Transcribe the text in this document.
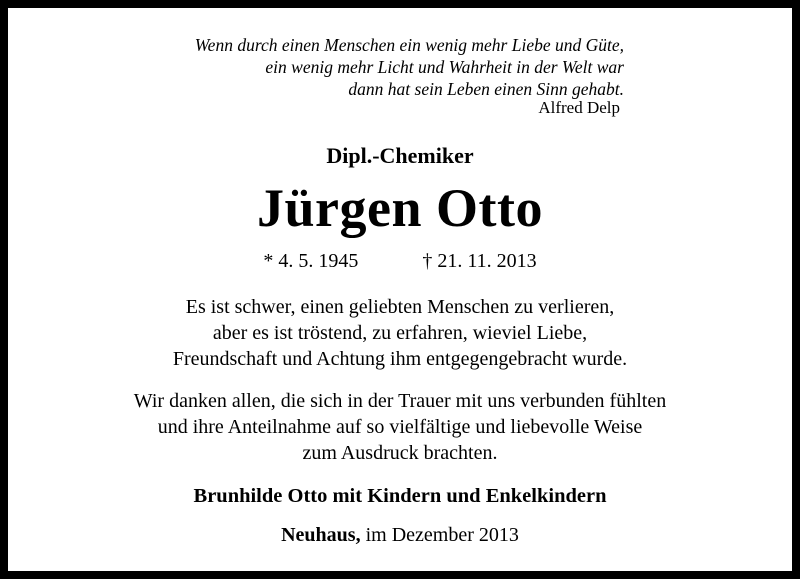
Wenn durch einen Menschen ein wenig mehr Liebe und Güte,
ein wenig mehr Licht und Wahrheit in der Welt war
dann hat sein Leben einen Sinn gehabt.
Alfred Delp
Dipl.-Chemiker
Jürgen Otto
* 4. 5. 1945	† 21. 11. 2013
Es ist schwer, einen geliebten Menschen zu verlieren,
aber es ist tröstend, zu erfahren, wieviel Liebe,
Freundschaft und Achtung ihm entgegengebracht wurde.
Wir danken allen, die sich in der Trauer mit uns verbunden fühlten
und ihre Anteilnahme auf so vielfältige und liebevolle Weise
zum Ausdruck brachten.
Brunhilde Otto mit Kindern und Enkelkindern
Neuhaus, im Dezember 2013
